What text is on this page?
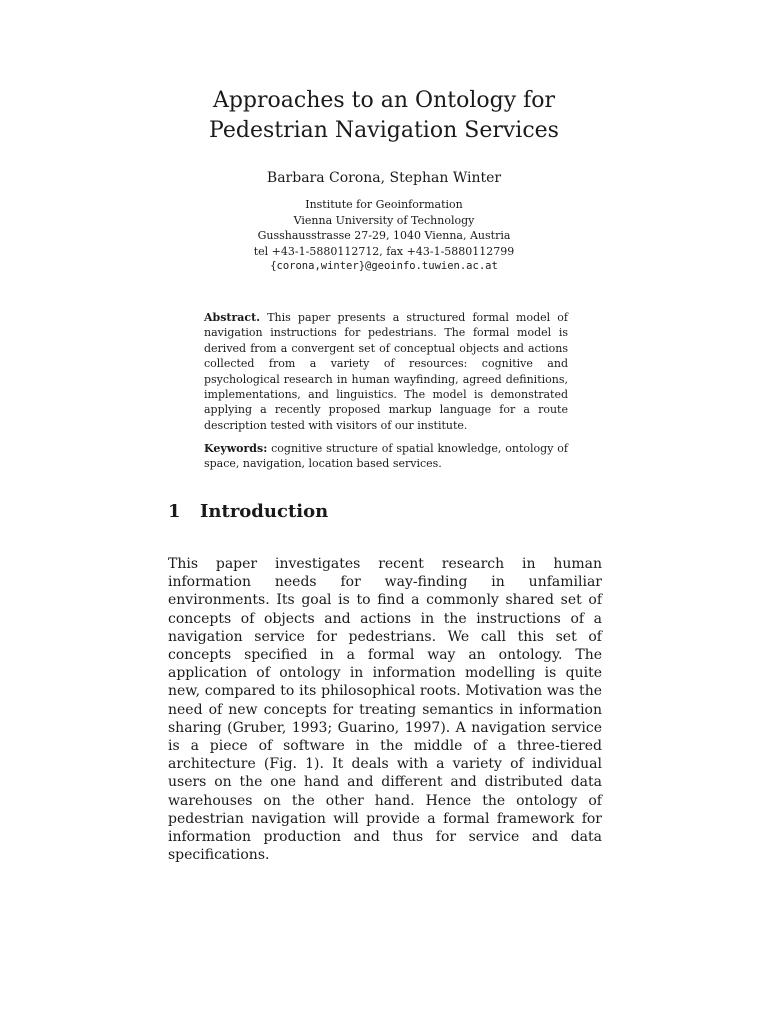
Approaches to an Ontology for
Pedestrian Navigation Services
Barbara Corona, Stephan Winter
Institute for Geoinformation
Vienna University of Technology
Gusshausstrasse 27-29, 1040 Vienna, Austria
tel +43-1-5880112712, fax +43-1-5880112799
{corona,winter}@geoinfo.tuwien.ac.at
Abstract. This paper presents a structured formal model of navigation instructions for pedestrians. The formal model is derived from a convergent set of conceptual objects and actions collected from a variety of resources: cognitive and psychological research in human wayfinding, agreed definitions, implementations, and linguistics. The model is demonstrated applying a recently proposed markup language for a route description tested with visitors of our institute.
Keywords: cognitive structure of spatial knowledge, ontology of space, navigation, location based services.
1 Introduction

This paper investigates recent research in human information needs for way-finding in unfamiliar environments. Its goal is to find a commonly shared set of concepts of objects and actions in the instructions of a navigation service for pedestrians. We call this set of concepts specified in a formal way an ontology. The application of ontology in information modelling is quite new, compared to its philosophical roots. Motivation was the need of new concepts for treating semantics in information sharing (Gruber, 1993; Guarino, 1997). A navigation service is a piece of software in the middle of a three-tiered architecture (Fig. 1). It deals with a variety of individual users on the one hand and different and distributed data warehouses on the other hand. Hence the ontology of pedestrian navigation will provide a formal framework for information production and thus for service and data specifications.
